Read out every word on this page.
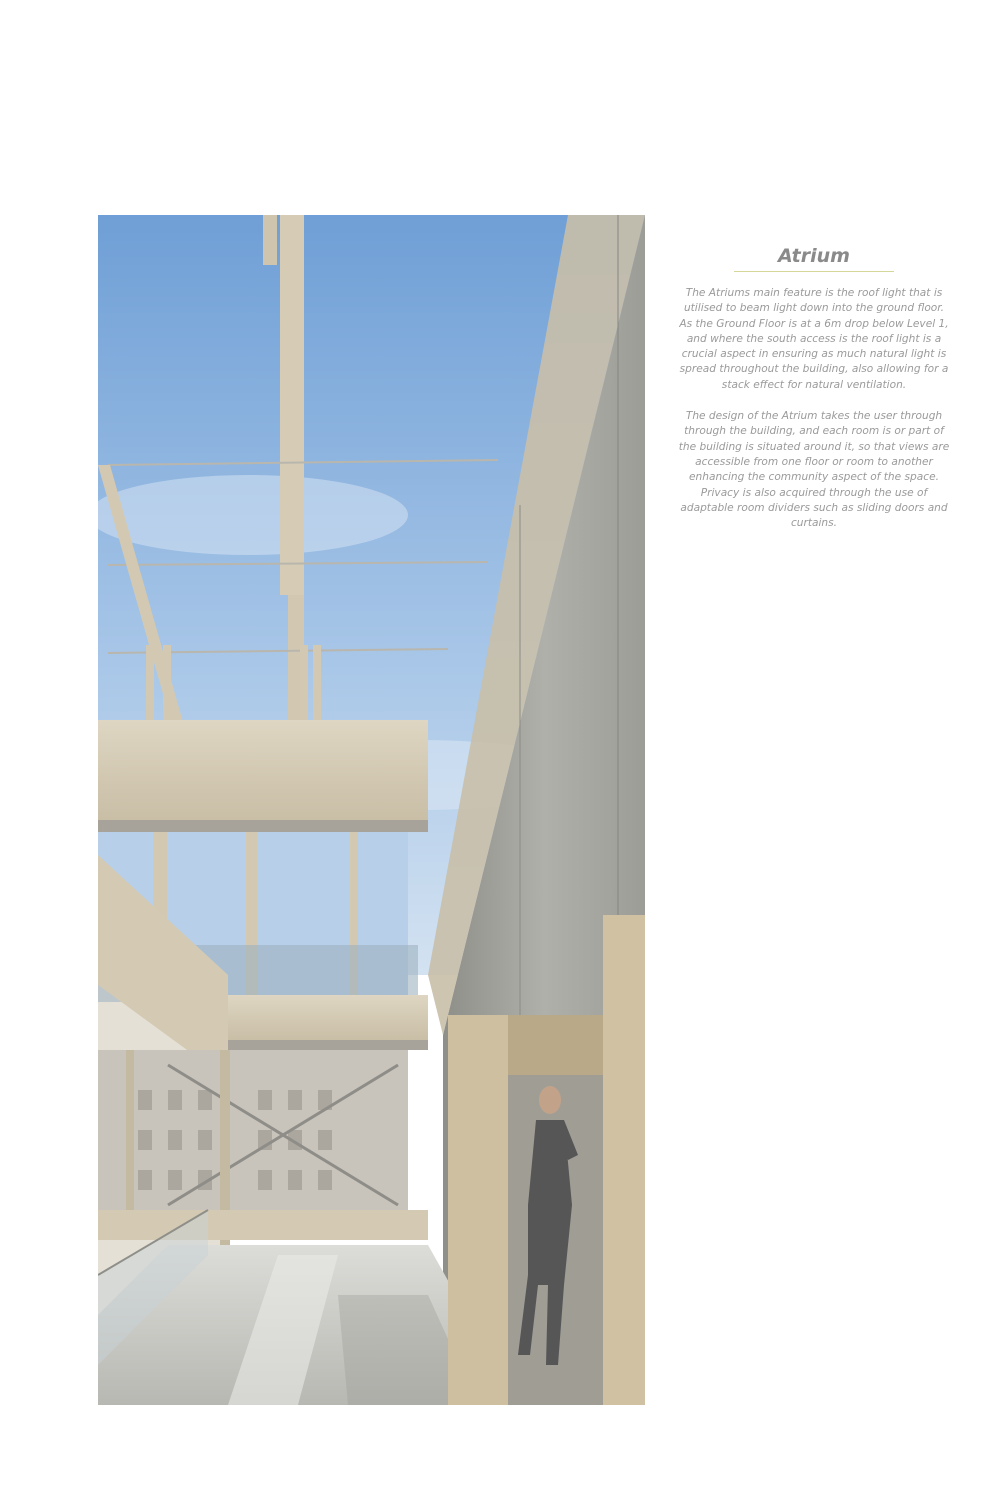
Atrium

The Atriums main feature is the roof light that is utilised to beam light down into the ground floor. As the Ground Floor is at a 6m drop below Level 1, and where the south access is the roof light is a crucial aspect in ensuring as much natural light is spread throughout the building, also allowing for a stack effect for natural ventilation.

The design of the Atrium takes the user through through the building, and each room is or part of the building is situated around it, so that views are accessible from one floor or room to another enhancing the community aspect of the space. Privacy is also acquired through the use of adaptable room dividers such as sliding doors and curtains.
